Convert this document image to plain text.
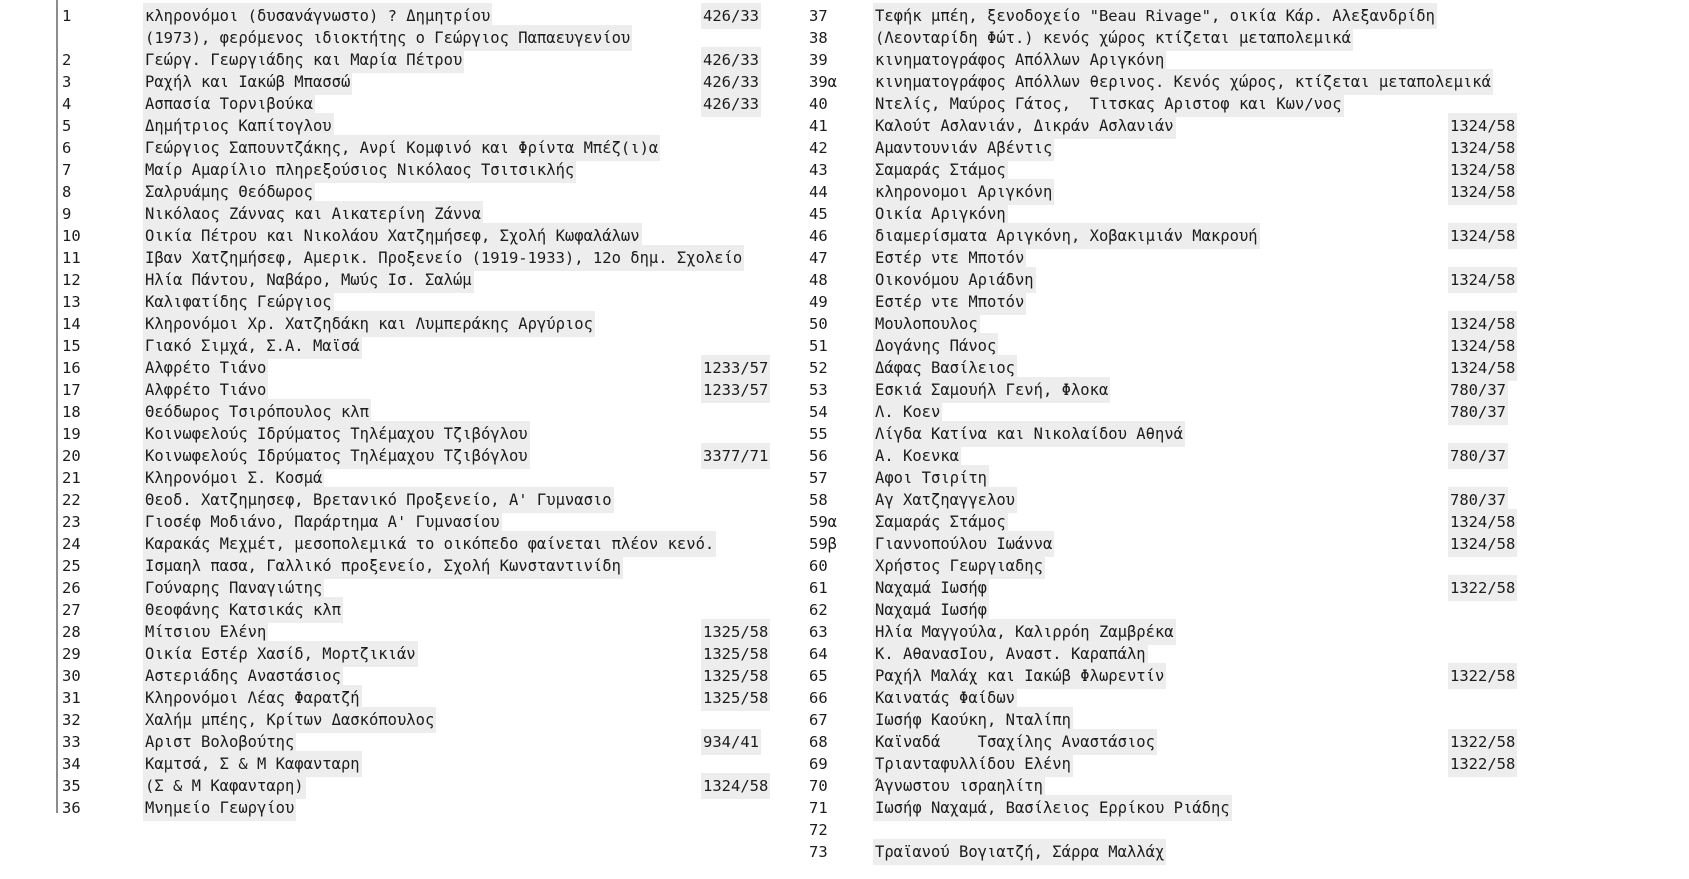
1	κληρονόμοι (δυσανάγνωστο) ? Δημητρίου	426/33
(1973), φερόμενος ιδιοκτήτης ο Γεώργιος Παπαευγενίου
2	Γεώργ. Γεωργιάδης και Μαρία Πέτρου	426/33
3	Ραχήλ και Ιακώβ Μπασσώ	426/33
4	Ασπασία Τορνιβούκα	426/33
5	Δημήτριος Καπίτογλου
6	Γεώργιος Σαπουντζάκης, Ανρί Κομφινό και Φρίντα Μπέζ(ι)α
7	Μαίρ Αμαρίλιο πληρεξούσιος Νικόλαος Τσιτσικλής
8	Σαλρυάμης Θεόδωρος
9	Νικόλαος Ζάννας και Αικατερίνη Ζάννα
10	Οικία Πέτρου και Νικολάου Χατζημήσεφ, Σχολή Κωφαλάλων
11	Ιβαν Χατζημήσεφ, Αμερικ. Προξενείο (1919-1933), 12ο δημ. Σχολείο
12	Ηλία Πάντου, Ναβάρο, Μωύς Ισ. Σαλώμ
13	Καλιφατίδης Γεώργιος
14	Κληρονόμοι Χρ. Χατζηδάκη και Λυμπεράκης Αργύριος
15	Γιακό Σιμχά, Σ.Α. Μαϊσά
16	Αλφρέτο Τιάνο	1233/57
17	Αλφρέτο Τιάνο	1233/57
18	Θεόδωρος Τσιρόπουλος κλπ
19	Κοινωφελούς Ιδρύματος Τηλέμαχου Τζιβόγλου
20	Κοινωφελούς Ιδρύματος Τηλέμαχου Τζιβόγλου	3377/71
21	Κληρονόμοι Σ. Κοσμά
22	Θεοδ. Χατζημησεφ, Βρετανικό Προξενείο, Α' Γυμνασιο
23	Γιοσέφ Μοδιάνο, Παράρτημα Α' Γυμνασίου
24	Καρακάς Μεχμέτ, μεσοπολεμικά το οικόπεδο φαίνεται πλέον κενό.
25	Ισμαηλ πασα, Γαλλικό προξενείο, Σχολή Κωνσταντινίδη
26	Γούναρης Παναγιώτης
27	Θεοφάνης Κατσικάς κλπ
28	Μίτσιου Ελένη	1325/58
29	Οικία Εστέρ Χασίδ, Μορτζικιάν	1325/58
30	Αστεριάδης Αναστάσιος	1325/58
31	Κληρονόμοι Λέας Φαρατζή	1325/58
32	Χαλήμ μπέης, Κρίτων Δασκόπουλος
33	Αριστ Βολοβούτης	934/41
34	Καμτσά, Σ & Μ Καφανταρη
35	(Σ & Μ Καφανταρη)	1324/58
36	Μνημείο Γεωργίου
37	Τεφήκ μπέη, ξενοδοχείο "Beau Rivage", οικία Κάρ. Αλεξανδρίδη
38	(Λεονταρίδη Φώτ.) κενός χώρος κτίζεται μεταπολεμικά
39	κινηματογράφος Απόλλων Αριγκόνη
39α κινηματογράφος Απόλλων θερινος. Κενός χώρος, κτίζεται μεταπολεμικά
40	Ντελίς, Μαύρος Γάτος,  Τιτσκας Αριστοφ και Κων/νος
41	Καλούτ Ασλανιάν, Δικράν Ασλανιάν	1324/58
42	Αμαντουνιάν Αβέντις	1324/58
43	Σαμαράς Στάμος	1324/58
44	κληρονομοι Αριγκόνη	1324/58
45	Οικία Αριγκόνη
46	διαμερίσματα Αριγκόνη, Χοβακιμιάν Μακρουή	1324/58
47	Εστέρ ντε Μποτόν
48	Οικονόμου Αριάδνη	1324/58
49	Εστέρ ντε Μποτόν
50	Μουλοπουλος	1324/58
51	Δογάνης Πάνος	1324/58
52	Δάφας Βασίλειος	1324/58
53	Εσκιά Σαμουήλ Γενή, Φλοκα	780/37
54	Λ. Κοεν	780/37
55	Λίγδα Κατίνα και Νικολαίδου Αθηνά
56	Α. Κοενκα	780/37
57	Αφοι Τσιρίτη
58	Αγ Χατζηαγγελου	780/37
59α Σαμαράς Στάμος	1324/58
59β Γιαννοπούλου Ιωάννα	1324/58
60	Χρήστος Γεωργιαδης
61	Ναχαμά Ιωσήφ	1322/58
62	Ναχαμά Ιωσήφ
63	Ηλία Μαγγούλα, Καλιρρόη Ζαμβρέκα
64	Κ. ΑθανασΙου, Αναστ. Καραπάλη
65	Ραχήλ Μαλάχ και Ιακώβ Φλωρεντίν	1322/58
66	Καινατάς Φαίδων
67	Ιωσήφ Καούκη, Νταλίπη
68	Καϊναδά    Τσαχίλης Αναστάσιος	1322/58
69	Τριανταφυλλίδου Ελένη	1322/58
70	Άγνωστου ισραηλίτη
71	Ιωσήφ Ναχαμά, Βασίλειος Ερρίκου Ριάδης
72
73	Τραϊανού Βογιατζή, Σάρρα Μαλλάχ
